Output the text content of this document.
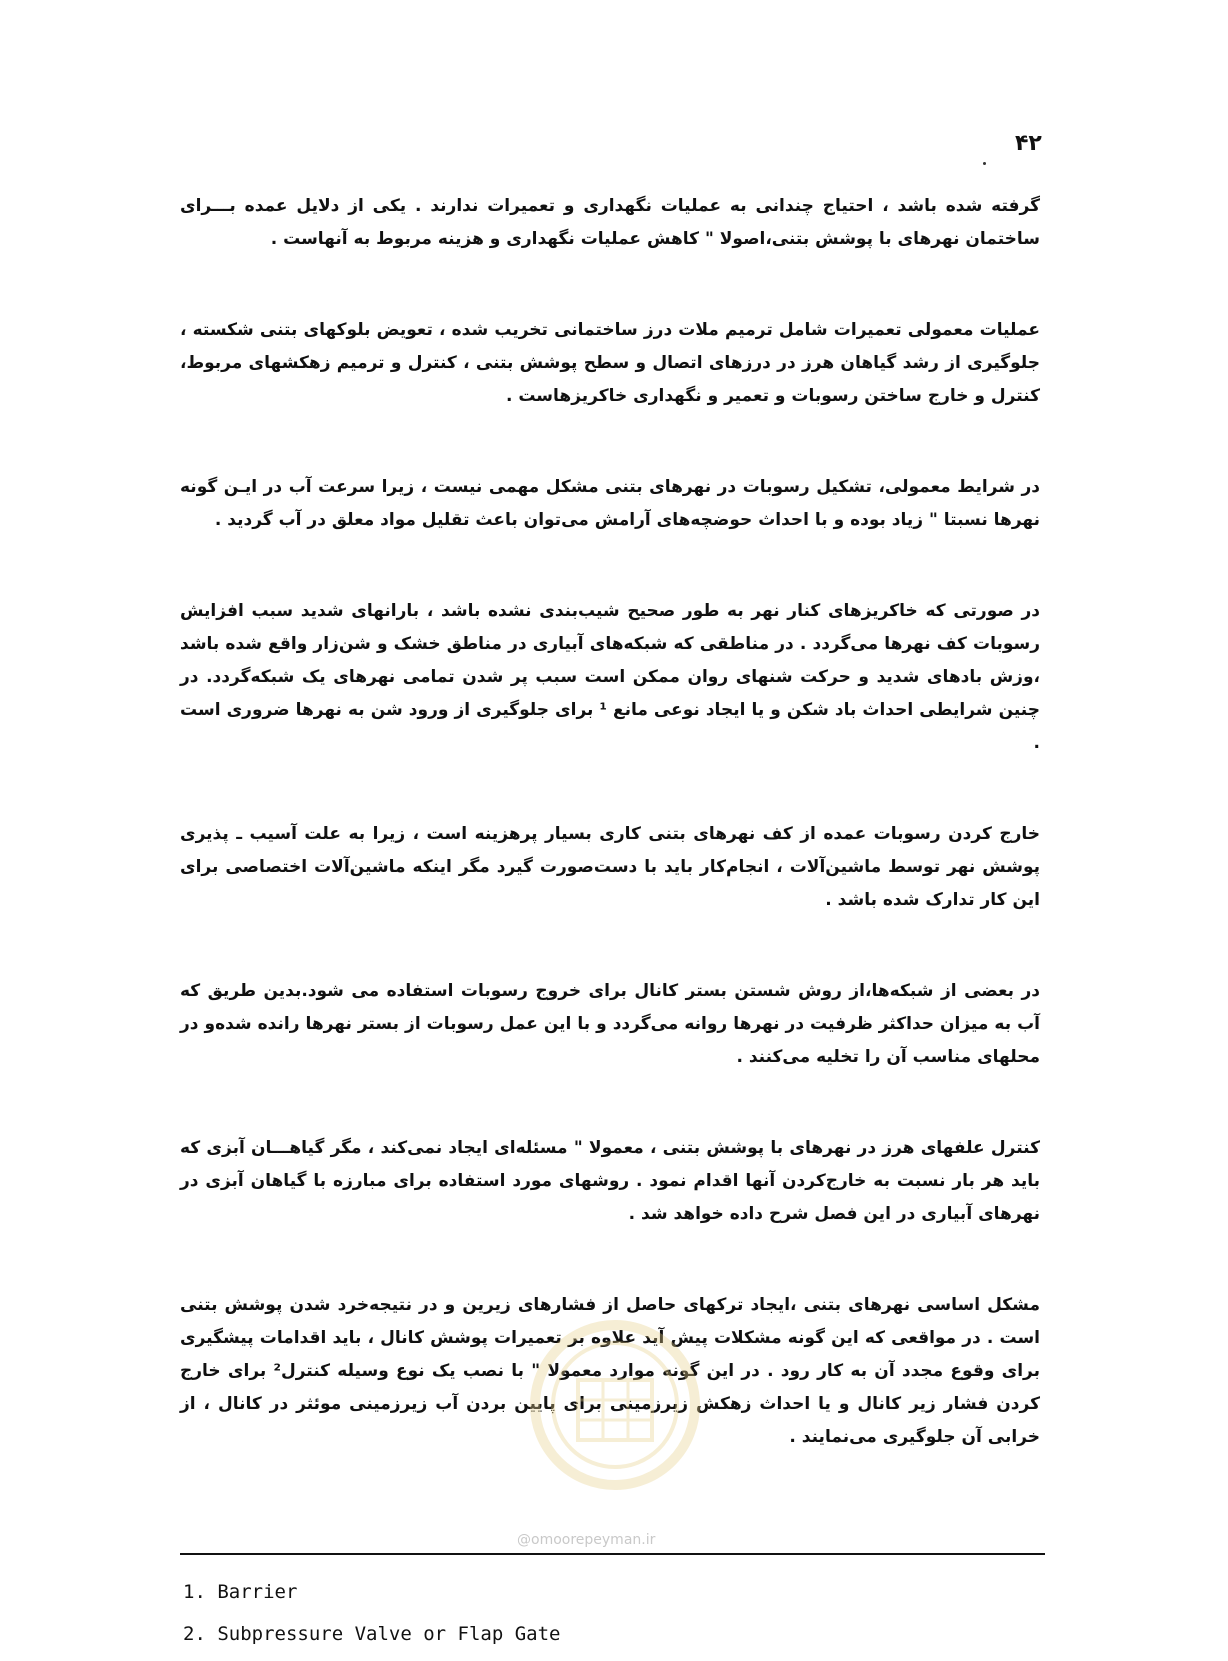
۴۲

گرفته شده باشد ، احتیاج چندانی به عملیات نگهداری و تعمیرات ندارند . یکی از دلایل عمده بـــرای ساختمان نهرهای با پوشش بتنی،اصولا " کاهش عملیات نگهداری و هزینه مربوط به آنهاست .

عملیات معمولی تعمیرات شامل ترمیم ملات درز ساختمانی تخریب شده ، تعویض بلوکهای بتنی شکسته ، جلوگیری از رشد گیاهان هرز در درزهای اتصال و سطح پوشش بتنی ، کنترل و ترمیم زهکشهای مربوط، کنترل و خارج ساختن رسوبات و تعمیر و نگهداری خاکریزهاست .

در شرایط معمولی، تشکیل رسوبات در نهرهای بتنی مشکل مهمی نیست ، زیرا سرعت آب در ایـن گونه نهرها نسبتا " زیاد بوده و با احداث حوضچه‌های آرامش می‌توان باعث تقلیل مواد معلق در آب گردید .

در صورتی که خاکریزهای کنار نهر به طور صحیح شیب‌بندی نشده باشد ، بارانهای شدید سبب افزایش رسوبات کف نهرها می‌گردد . در مناطقی که شبکه‌های آبیاری در مناطق خشک و شن‌زار واقع شده باشد ،وزش بادهای شدید و حرکت شنهای روان ممکن است سبب پر شدن تمامی نهرهای یک شبکه‌گردد. در چنین شرایطی احداث باد شکن و یا ایجاد نوعی مانع ¹ برای جلوگیری از ورود شن به نهرها ضروری است .

خارج کردن رسوبات عمده از کف نهرهای بتنی کاری بسیار پرهزینه است ، زیرا به علت آسیب ـ پذیری پوشش نهر توسط ماشین‌آلات ، انجام‌کار باید با دست‌صورت گیرد مگر اینکه ماشین‌آلات اختصاصی برای این کار تدارک شده باشد .

در بعضی از شبکه‌ها،از روش شستن بستر کانال برای خروج رسوبات استفاده می شود.بدین طریق که آب به میزان حداکثر ظرفیت در نهرها روانه می‌گردد و با این عمل رسوبات از بستر نهرها رانده شده‌و در محلهای مناسب آن را تخلیه می‌کنند .

کنترل علفهای هرز در نهرهای با پوشش بتنی ، معمولا " مسئله‌ای ایجاد نمی‌کند ، مگر گیاهـــان آبزی که باید هر بار نسبت به خارج‌کردن آنها اقدام نمود . روشهای مورد استفاده برای مبارزه با گیاهان آبزی در نهرهای آبیاری در این فصل شرح داده خواهد شد .

مشکل اساسی نهرهای بتنی ،ایجاد ترکهای حاصل از فشارهای زیرین و در نتیجه‌خرد شدن پوشش بتنی است . در مواقعی که این گونه مشکلات پیش آید علاوه بر تعمیرات پوشش کانال ، باید اقدامات پیشگیری برای وقوع مجدد آن به کار رود . در این گونه موارد معمولا " با نصب یک نوع وسیله کنترل² برای خارج کردن فشار زیر کانال و یا احداث زهکش زیرزمینی برای پایین بردن آب زیرزمینی موئثر در کانال ، از خرابی آن جلوگیری می‌نمایند .

@omoorepeyman.ir
1. Barrier
2. Subpressure Valve or Flap Gate
